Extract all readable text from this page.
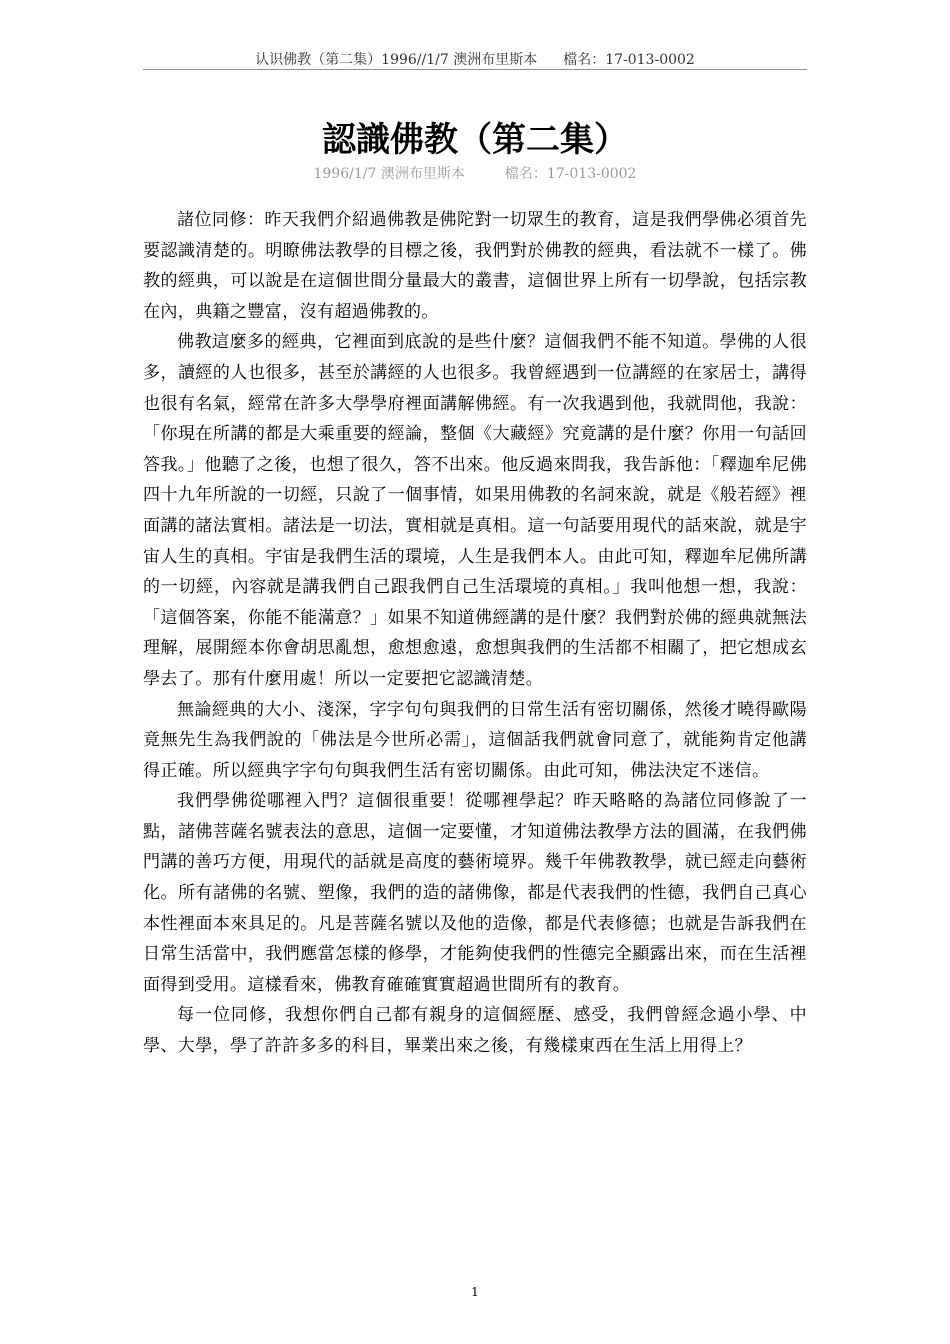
认识佛教（第二集）1996//1/7 澳洲布里斯本 檔名：17-013-0002
認識佛教（第二集）
1996/1/7 澳洲布里斯本	檔名：17-013-0002

諸位同修：昨天我們介紹過佛教是佛陀對一切眾生的教育，這是我們學佛必須首先要認識清楚的。明瞭佛法教學的目標之後，我們對於佛教的經典，看法就不一樣了。佛教的經典，可以說是在這個世間分量最大的叢書，這個世界上所有一切學說，包括宗教在內，典籍之豐富，沒有超過佛教的。

佛教這麼多的經典，它裡面到底說的是些什麼？這個我們不能不知道。學佛的人很多，讀經的人也很多，甚至於講經的人也很多。我曾經遇到一位講經的在家居士，講得也很有名氣，經常在許多大學學府裡面講解佛經。有一次我遇到他，我就問他，我說：「你現在所講的都是大乘重要的經論，整個《大藏經》究竟講的是什麼？你用一句話回答我。」他聽了之後，也想了很久，答不出來。他反過來問我，我告訴他：「釋迦牟尼佛四十九年所說的一切經，只說了一個事情，如果用佛教的名詞來說，就是《般若經》裡面講的諸法實相。諸法是一切法，實相就是真相。這一句話要用現代的話來說，就是宇宙人生的真相。宇宙是我們生活的環境，人生是我們本人。由此可知，釋迦牟尼佛所講的一切經，內容就是講我們自己跟我們自己生活環境的真相。」我叫他想一想，我說：「這個答案，你能不能滿意？」如果不知道佛經講的是什麼？我們對於佛的經典就無法理解，展開經本你會胡思亂想，愈想愈遠，愈想與我們的生活都不相關了，把它想成玄學去了。那有什麼用處！所以一定要把它認識清楚。

無論經典的大小、淺深，字字句句與我們的日常生活有密切關係，然後才曉得歐陽竟無先生為我們說的「佛法是今世所必需」，這個話我們就會同意了，就能夠肯定他講得正確。所以經典字字句句與我們生活有密切關係。由此可知，佛法決定不迷信。

我們學佛從哪裡入門？這個很重要！從哪裡學起？昨天略略的為諸位同修說了一點，諸佛菩薩名號表法的意思，這個一定要懂，才知道佛法教學方法的圓滿，在我們佛門講的善巧方便，用現代的話就是高度的藝術境界。幾千年佛教教學，就已經走向藝術化。所有諸佛的名號、塑像，我們的造的諸佛像，都是代表我們的性德，我們自己真心本性裡面本來具足的。凡是菩薩名號以及他的造像，都是代表修德；也就是告訴我們在日常生活當中，我們應當怎樣的修學，才能夠使我們的性德完全顯露出來，而在生活裡面得到受用。這樣看來，佛教育確確實實超過世間所有的教育。

每一位同修，我想你們自己都有親身的這個經歷、感受，我們曾經念過小學、中學、大學，學了許許多多的科目，畢業出來之後，有幾樣東西在生活上用得上？

1
